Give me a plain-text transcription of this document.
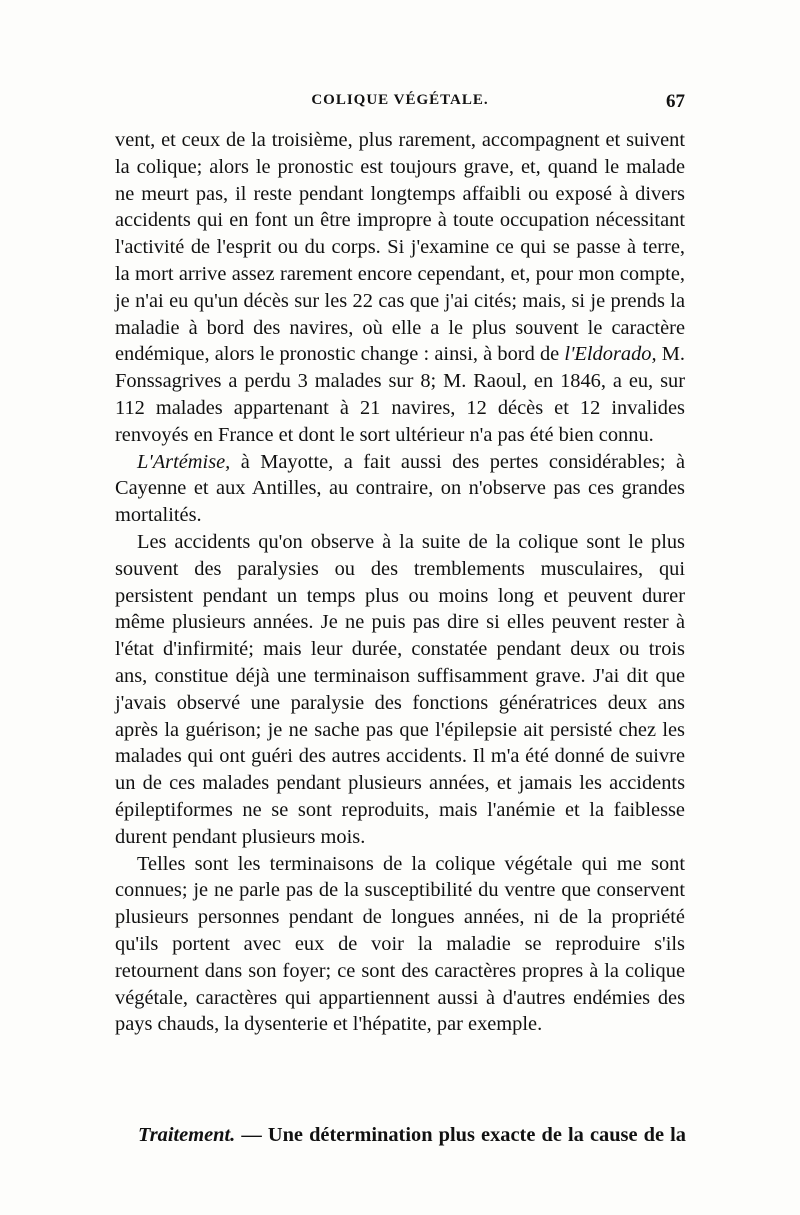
COLIQUE VÉGÉTALE.	67

vent, et ceux de la troisième, plus rarement, accompagnent et suivent la colique; alors le pronostic est toujours grave, et, quand le malade ne meurt pas, il reste pendant longtemps affaibli ou exposé à divers accidents qui en font un être impropre à toute occupation nécessitant l'activité de l'esprit ou du corps. Si j'examine ce qui se passe à terre, la mort arrive assez rarement encore cependant, et, pour mon compte, je n'ai eu qu'un décès sur les 22 cas que j'ai cités; mais, si je prends la maladie à bord des navires, où elle a le plus souvent le caractère endémique, alors le pronostic change : ainsi, à bord de l'Eldorado, M. Fonssagrives a perdu 3 malades sur 8; M. Raoul, en 1846, a eu, sur 112 malades appartenant à 21 navires, 12 décès et 12 invalides renvoyés en France et dont le sort ultérieur n'a pas été bien connu.

L'Artémise, à Mayotte, a fait aussi des pertes considérables; à Cayenne et aux Antilles, au contraire, on n'observe pas ces grandes mortalités.

Les accidents qu'on observe à la suite de la colique sont le plus souvent des paralysies ou des tremblements musculaires, qui persistent pendant un temps plus ou moins long et peuvent durer même plusieurs années. Je ne puis pas dire si elles peuvent rester à l'état d'infirmité; mais leur durée, constatée pendant deux ou trois ans, constitue déjà une terminaison suffisamment grave. J'ai dit que j'avais observé une paralysie des fonctions génératrices deux ans après la guérison; je ne sache pas que l'épilepsie ait persisté chez les malades qui ont guéri des autres accidents. Il m'a été donné de suivre un de ces malades pendant plusieurs années, et jamais les accidents épileptiformes ne se sont reproduits, mais l'anémie et la faiblesse durent pendant plusieurs mois.

Telles sont les terminaisons de la colique végétale qui me sont connues; je ne parle pas de la susceptibilité du ventre que conservent plusieurs personnes pendant de longues années, ni de la propriété qu'ils portent avec eux de voir la maladie se reproduire s'ils retournent dans son foyer; ce sont des caractères propres à la colique végétale, caractères qui appartiennent aussi à d'autres endémies des pays chauds, la dysenterie et l'hépatite, par exemple.

Traitement. — Une détermination plus exacte de la cause de la
